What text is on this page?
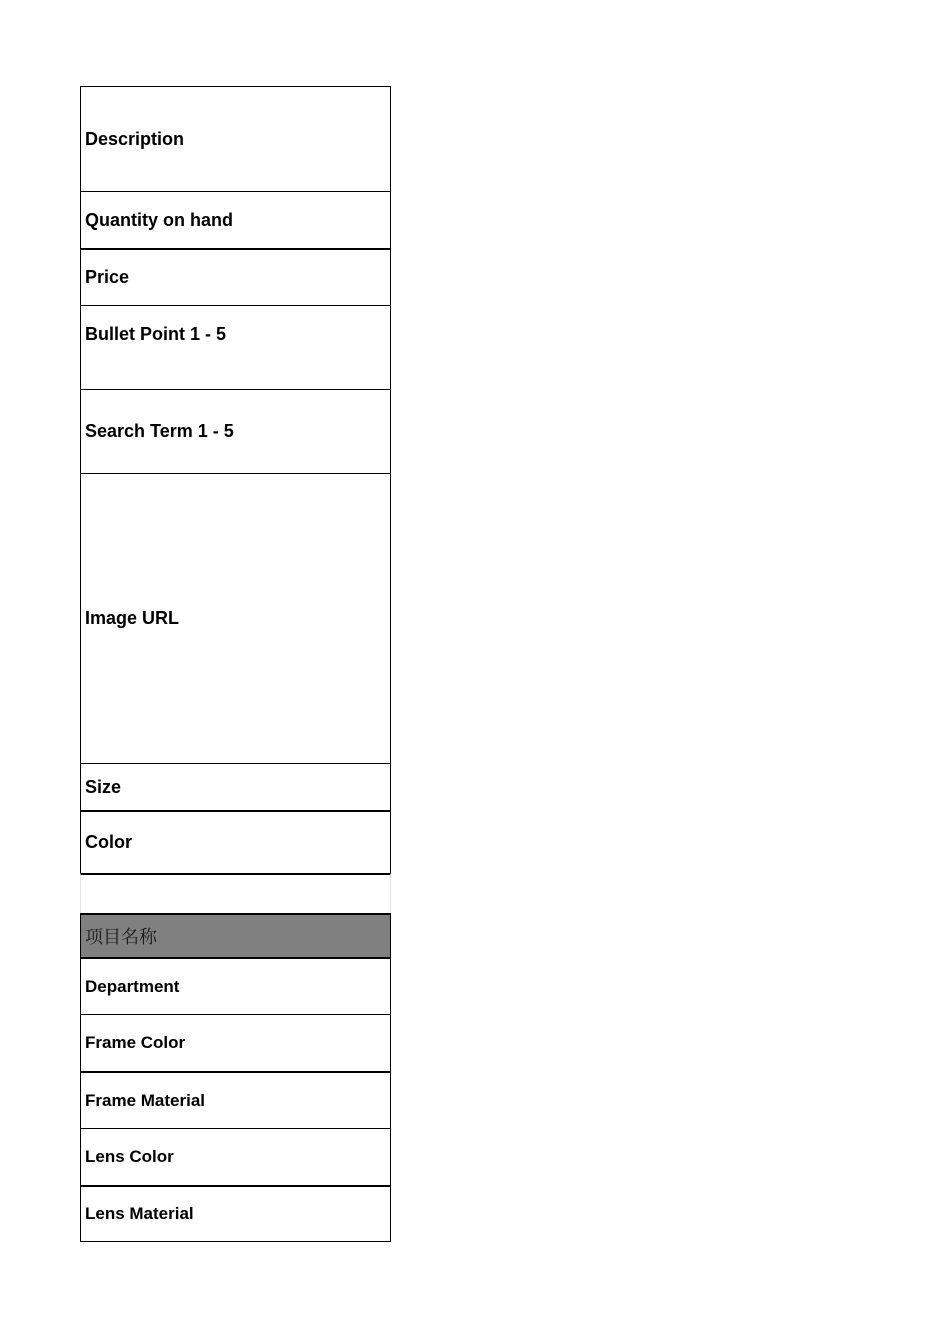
Description
Quantity on hand
Price
Bullet Point 1 - 5
Search Term 1 - 5
Image URL
Size
Color
项目名称
Department
Frame Color
Frame Material
Lens Color
Lens Material
